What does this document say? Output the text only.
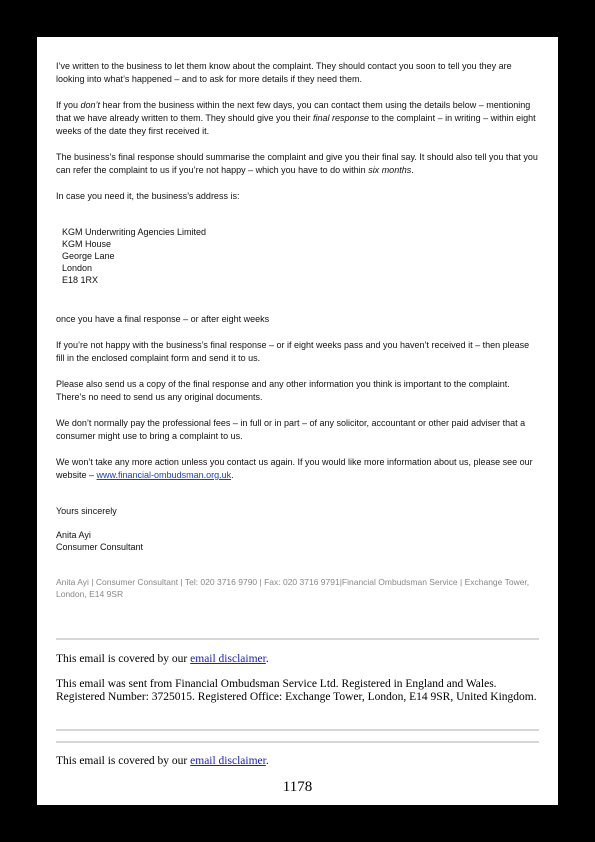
I’ve written to the business to let them know about the complaint. They should contact you soon to tell you they are looking into what’s happened – and to ask for more details if they need them.

If you don’t hear from the business within the next few days, you can contact them using the details below – mentioning that we have already written to them. They should give you their final response to the complaint – in writing – within eight weeks of the date they first received it.

The business’s final response should summarise the complaint and give you their final say. It should also tell you that you can refer the complaint to us if you’re not happy – which you have to do within six months.

In case you need it, the business’s address is:

KGM Underwriting Agencies Limited
KGM House
George Lane
London
E18 1RX

once you have a final response – or after eight weeks

If you’re not happy with the business’s final response – or if eight weeks pass and you haven’t received it – then please fill in the enclosed complaint form and send it to us.

Please also send us a copy of the final response and any other information you think is important to the complaint. There’s no need to send us any original documents.

We don’t normally pay the professional fees – in full or in part – of any solicitor, accountant or other paid adviser that a consumer might use to bring a complaint to us.

We won’t take any more action unless you contact us again. If you would like more information about us, please see our website – www.financial-ombudsman.org.uk.

Yours sincerely
Anita Ayi
Consumer Consultant
Anita Ayi | Consumer Consultant | Tel: 020 3716 9790 | Fax: 020 3716 9791|Financial Ombudsman Service | Exchange Tower, London, E14 9SR
This email is covered by our email disclaimer.
This email was sent from Financial Ombudsman Service Ltd. Registered in England and Wales. Registered Number: 3725015. Registered Office: Exchange Tower, London, E14 9SR, United Kingdom.
This email is covered by our email disclaimer.
1178
